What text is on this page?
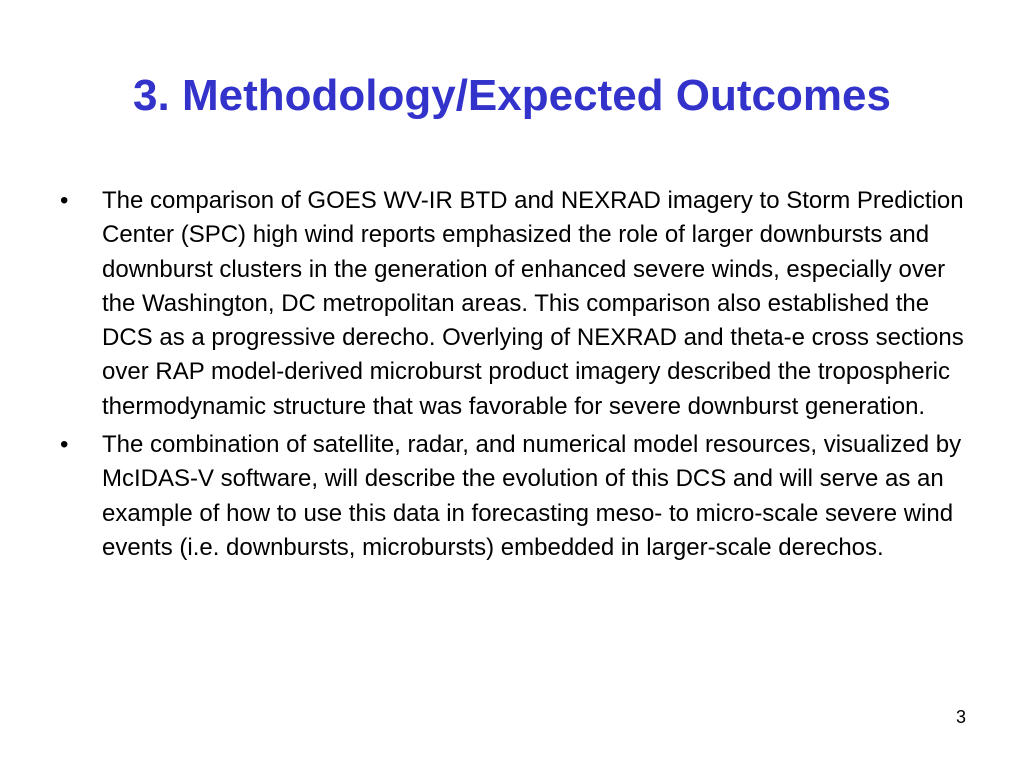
3. Methodology/Expected Outcomes
•	The comparison of GOES WV-IR BTD and NEXRAD imagery to Storm Prediction Center (SPC) high wind reports emphasized the role of larger downbursts and downburst clusters in the generation of enhanced severe winds, especially over the Washington, DC metropolitan areas. This comparison also established the DCS as a progressive derecho. Overlying of NEXRAD and theta-e cross sections over RAP model-derived microburst product imagery described the tropospheric thermodynamic structure that was favorable for severe downburst generation.
•	The combination of satellite, radar, and numerical model resources, visualized by McIDAS-V software, will describe the evolution of this DCS and will serve as an example of how to use this data in forecasting meso- to micro-scale severe wind events (i.e. downbursts, microbursts) embedded in larger-scale derechos.
3
